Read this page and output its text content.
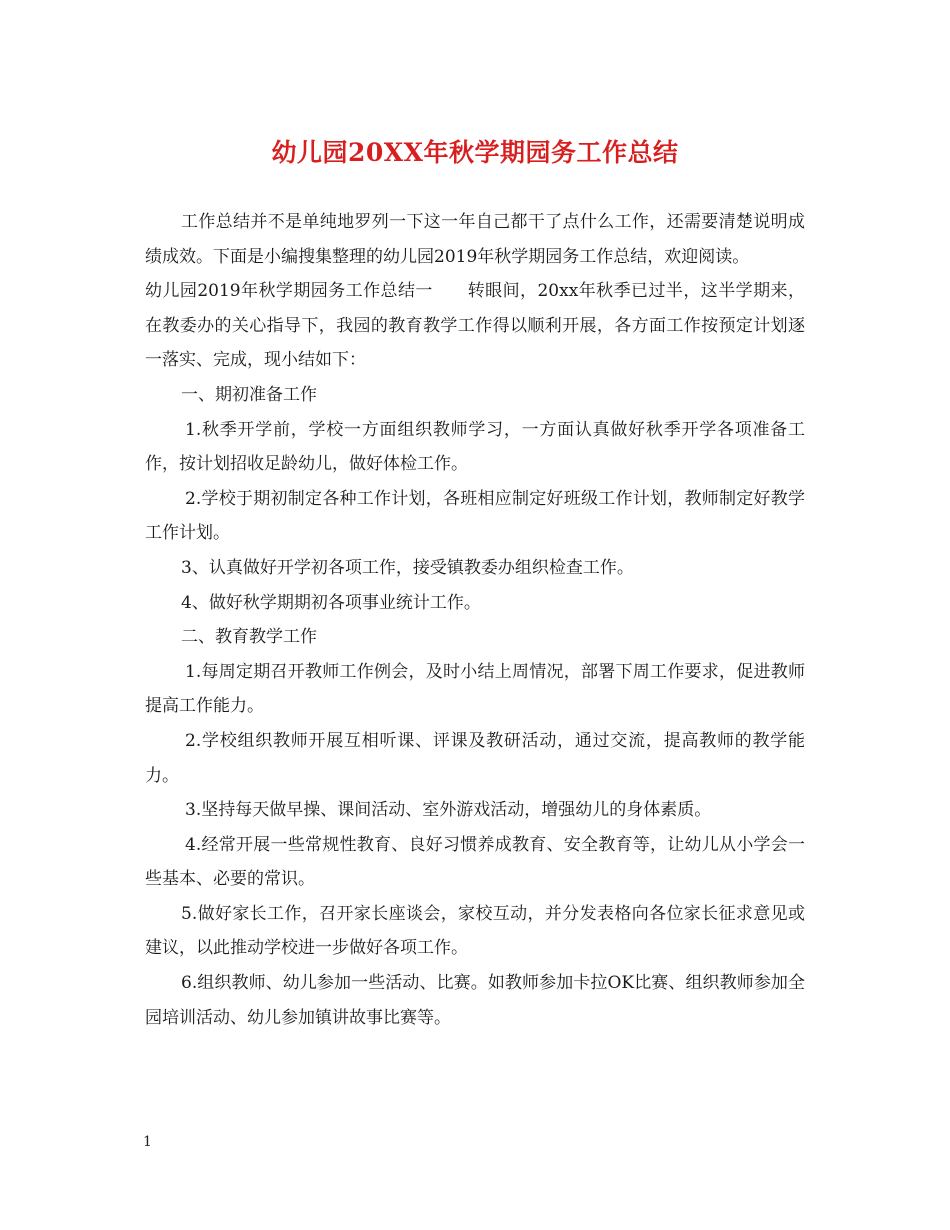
幼儿园20XX年秋学期园务工作总结

工作总结并不是单纯地罗列一下这一年自己都干了点什么工作，还需要清楚说明成绩成效。下面是小编搜集整理的幼儿园2019年秋学期园务工作总结，欢迎阅读。

幼儿园2019年秋学期园务工作总结一　　转眼间，20xx年秋季已过半，这半学期来，在教委办的关心指导下，我园的教育教学工作得以顺利开展，各方面工作按预定计划逐一落实、完成，现小结如下：

一、期初准备工作

1.秋季开学前，学校一方面组织教师学习，一方面认真做好秋季开学各项准备工作，按计划招收足龄幼儿，做好体检工作。

2.学校于期初制定各种工作计划，各班相应制定好班级工作计划，教师制定好教学工作计划。

3、认真做好开学初各项工作，接受镇教委办组织检查工作。

4、做好秋学期期初各项事业统计工作。

二、教育教学工作

1.每周定期召开教师工作例会，及时小结上周情况，部署下周工作要求，促进教师提高工作能力。

2.学校组织教师开展互相听课、评课及教研活动，通过交流，提高教师的教学能力。

3.坚持每天做早操、课间活动、室外游戏活动，增强幼儿的身体素质。

4.经常开展一些常规性教育、良好习惯养成教育、安全教育等，让幼儿从小学会一些基本、必要的常识。

5.做好家长工作，召开家长座谈会，家校互动，并分发表格向各位家长征求意见或建议，以此推动学校进一步做好各项工作。

6.组织教师、幼儿参加一些活动、比赛。如教师参加卡拉OK比赛、组织教师参加全园培训活动、幼儿参加镇讲故事比赛等。

1
